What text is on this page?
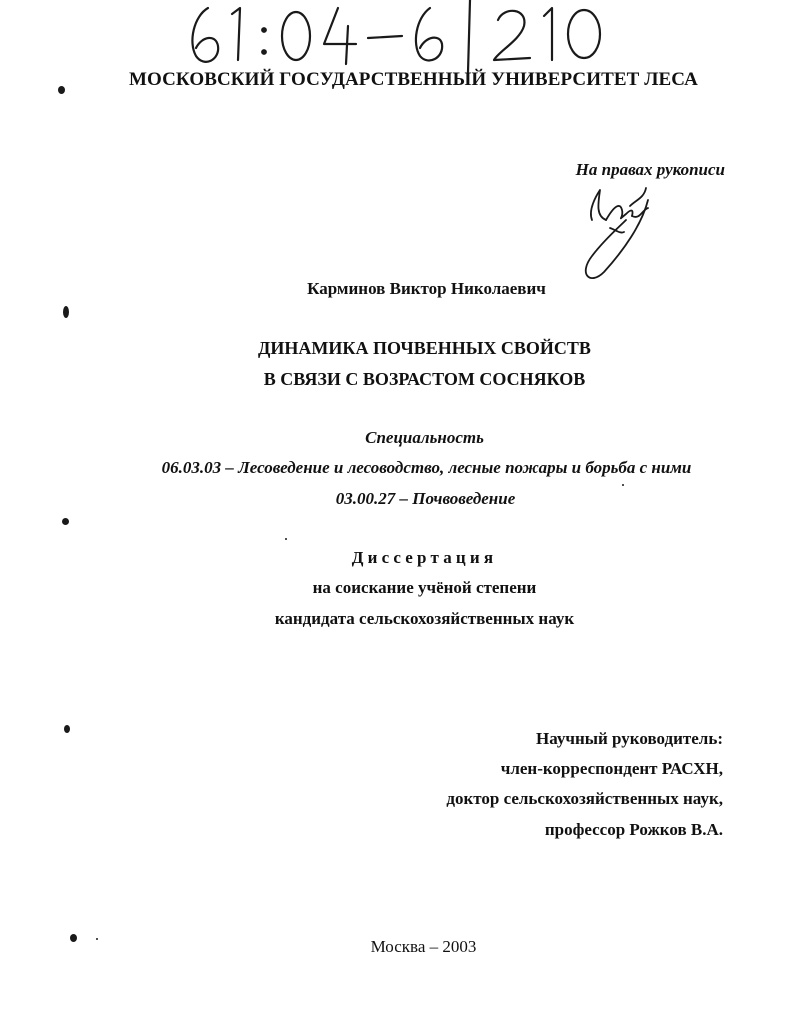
МОСКОВСКИЙ ГОСУДАРСТВЕННЫЙ УНИВЕРСИТЕТ ЛЕСА
На правах рукописи
Карминов Виктор Николаевич
ДИНАМИКА ПОЧВЕННЫХ СВОЙСТВ
В СВЯЗИ С ВОЗРАСТОМ СОСНЯКОВ
Специальность
06.03.03 – Лесоведение и лесоводство, лесные пожары и борьба с ними
03.00.27 – Почвоведение
Диссертация
на соискание учёной степени
кандидата сельскохозяйственных наук
Научный руководитель:
член-корреспондент РАСХН,
доктор сельскохозяйственных наук,
профессор Рожков В.А.
Москва – 2003
